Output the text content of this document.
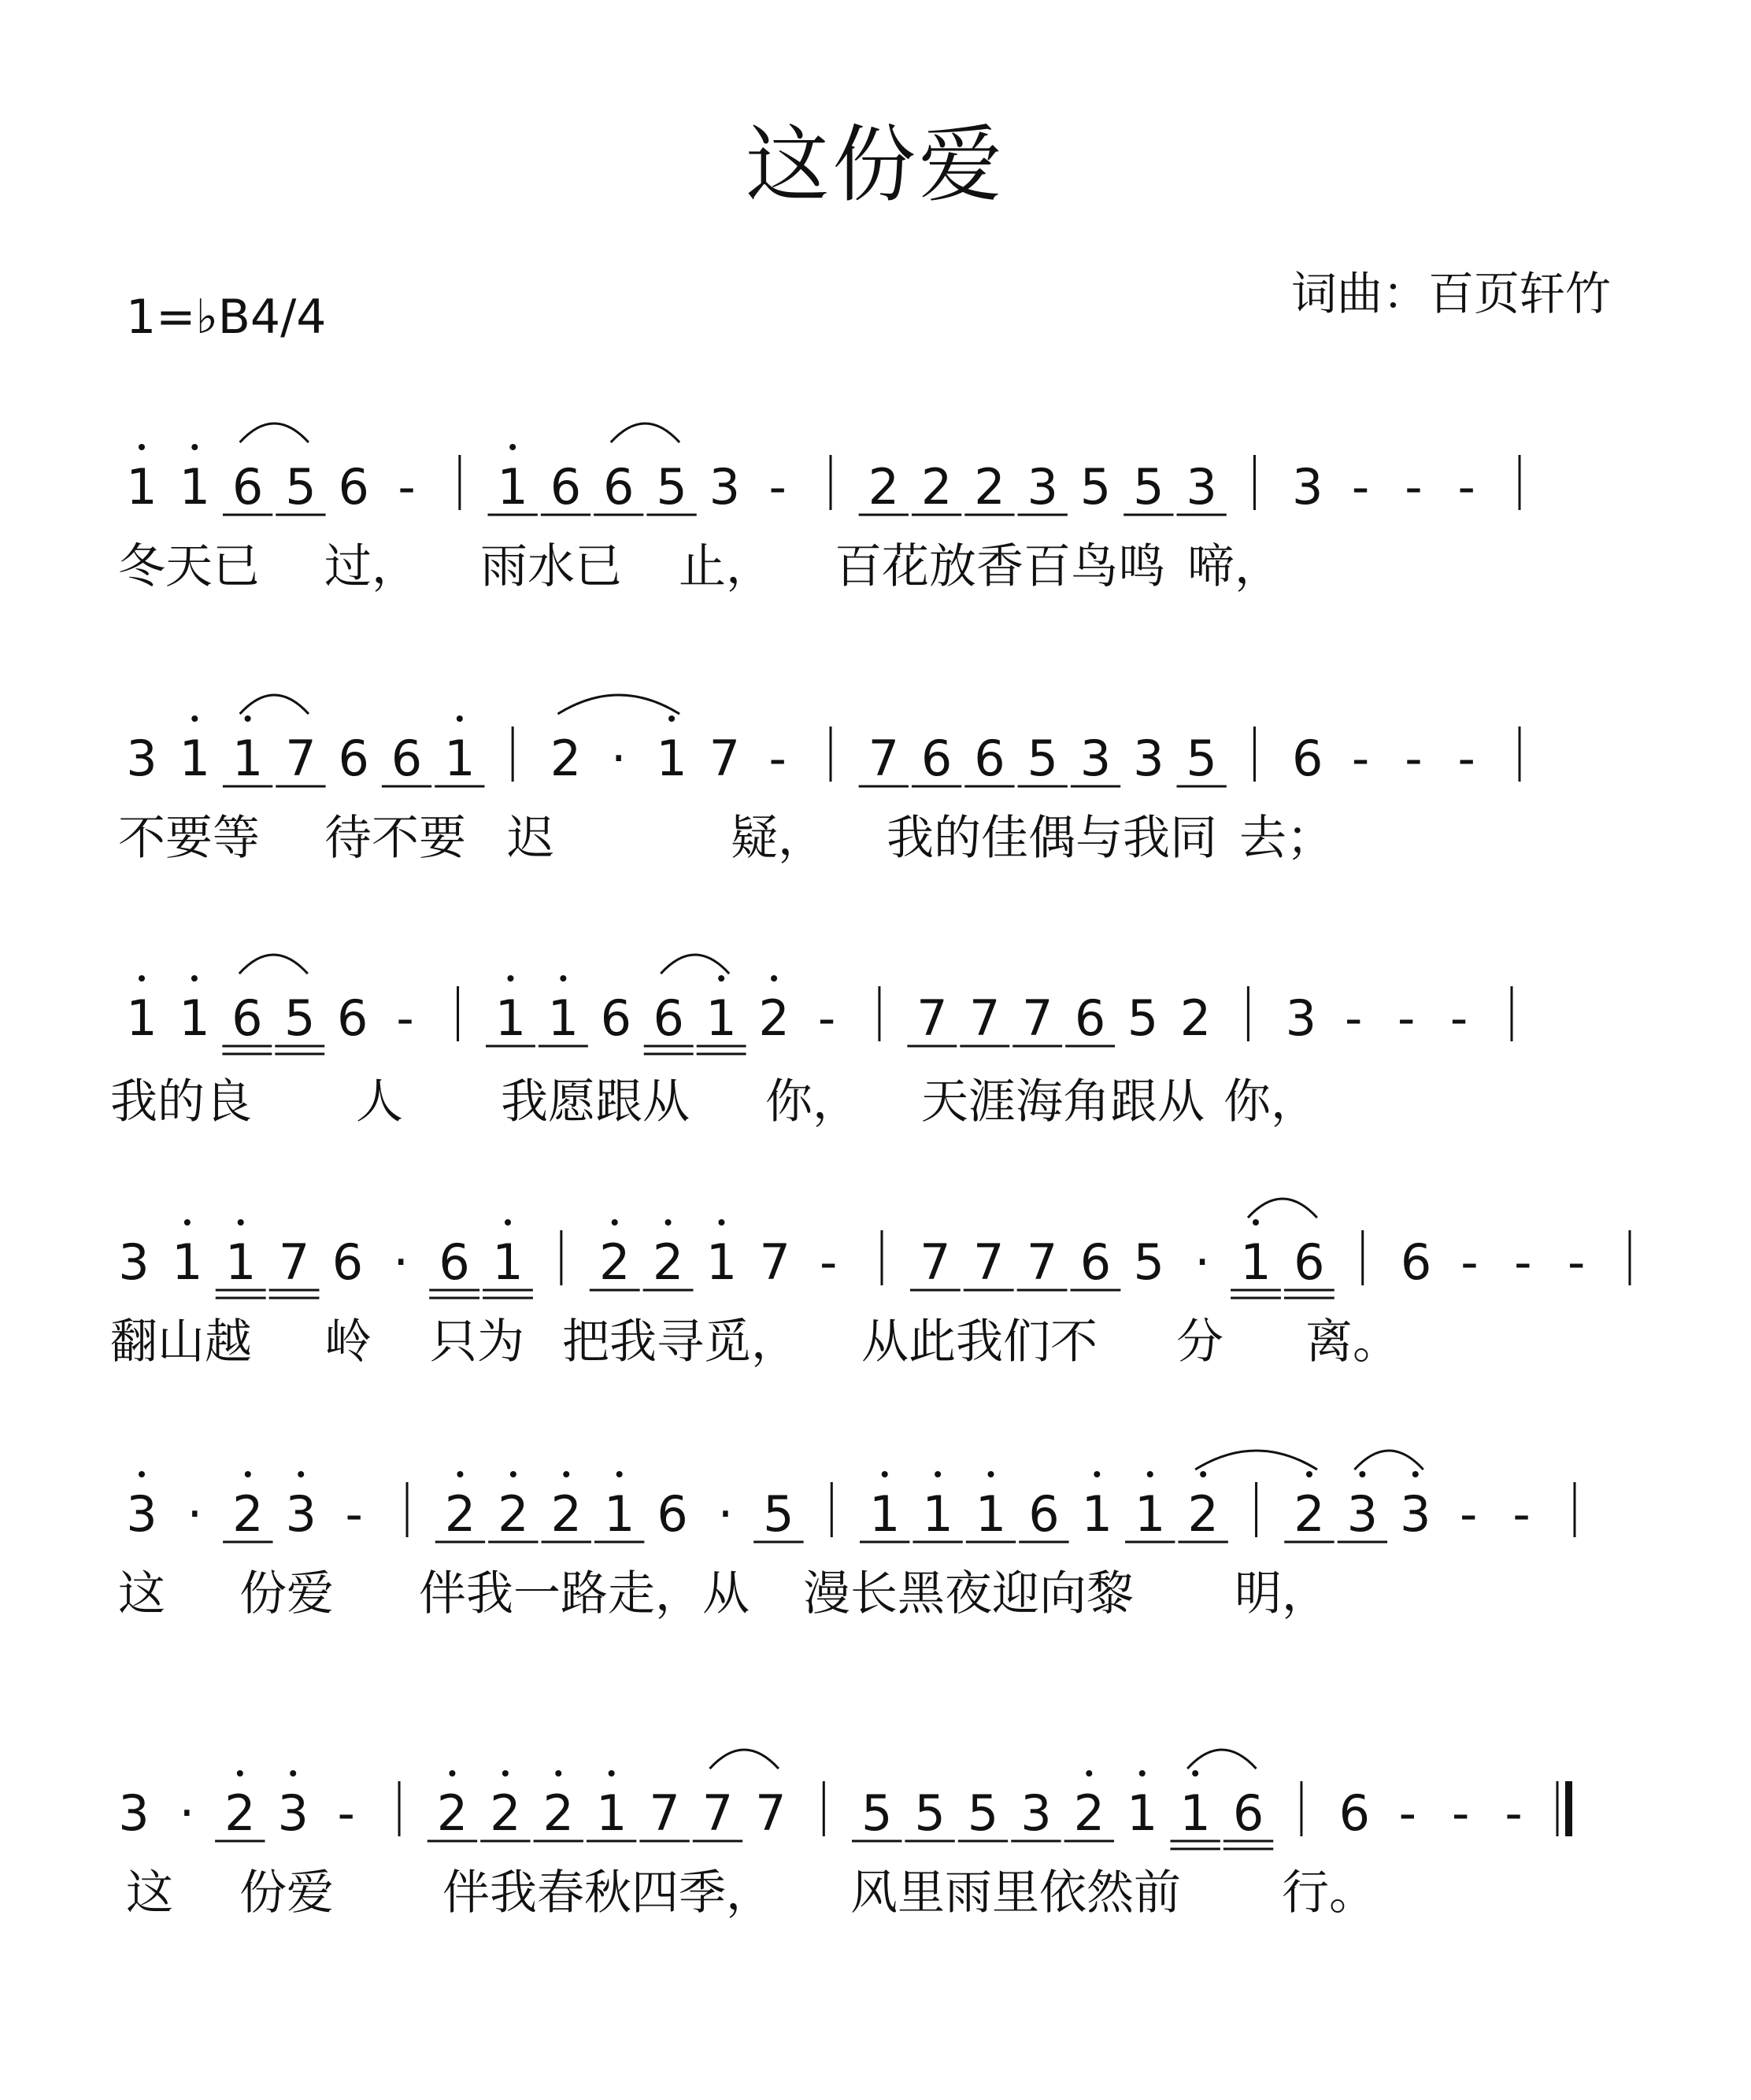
这份爱
1=♭B4/4	词曲：百页轩竹
1 1 6 5 6 - 1 6 6 5 3 - 2 2 2 3 5 5 3 3 - - -
冬天已 过， 雨水已 止， 百花放香百鸟鸣 啼，
3 1 1 7 6 6 1 2 · 1 7 - 7 6 6 5 3 3 5 6 - - -
不要等 待不要 迟	疑， 我的佳偶与我同 去；
1 1 6 5 6 - 1 1 6 6 1 2 - 7 7 7 6 5 2 3 - - -
我的良 人 我愿跟从 你， 天涯海角跟从 你，
3 1 1 7 6 · 6 1 2 2 1 7 - 7 7 7 6 5 · 1 6 6 - - -
翻山越 岭 只为 把我寻觅， 从此我们不 分 离。
3 · 2 3 - 2 2 2 1 6 · 5 1 1 1 6 1 1 2 2 3 3 - -
这 份爱 伴我一路走，从 漫长黑夜迎向黎 明，
3 · 2 3 - 2 2 2 1 7 7 7 5 5 5 3 2 1 1 6 6 - - -
这 份爱 伴我春秋四季， 风里雨里依然前 行。
